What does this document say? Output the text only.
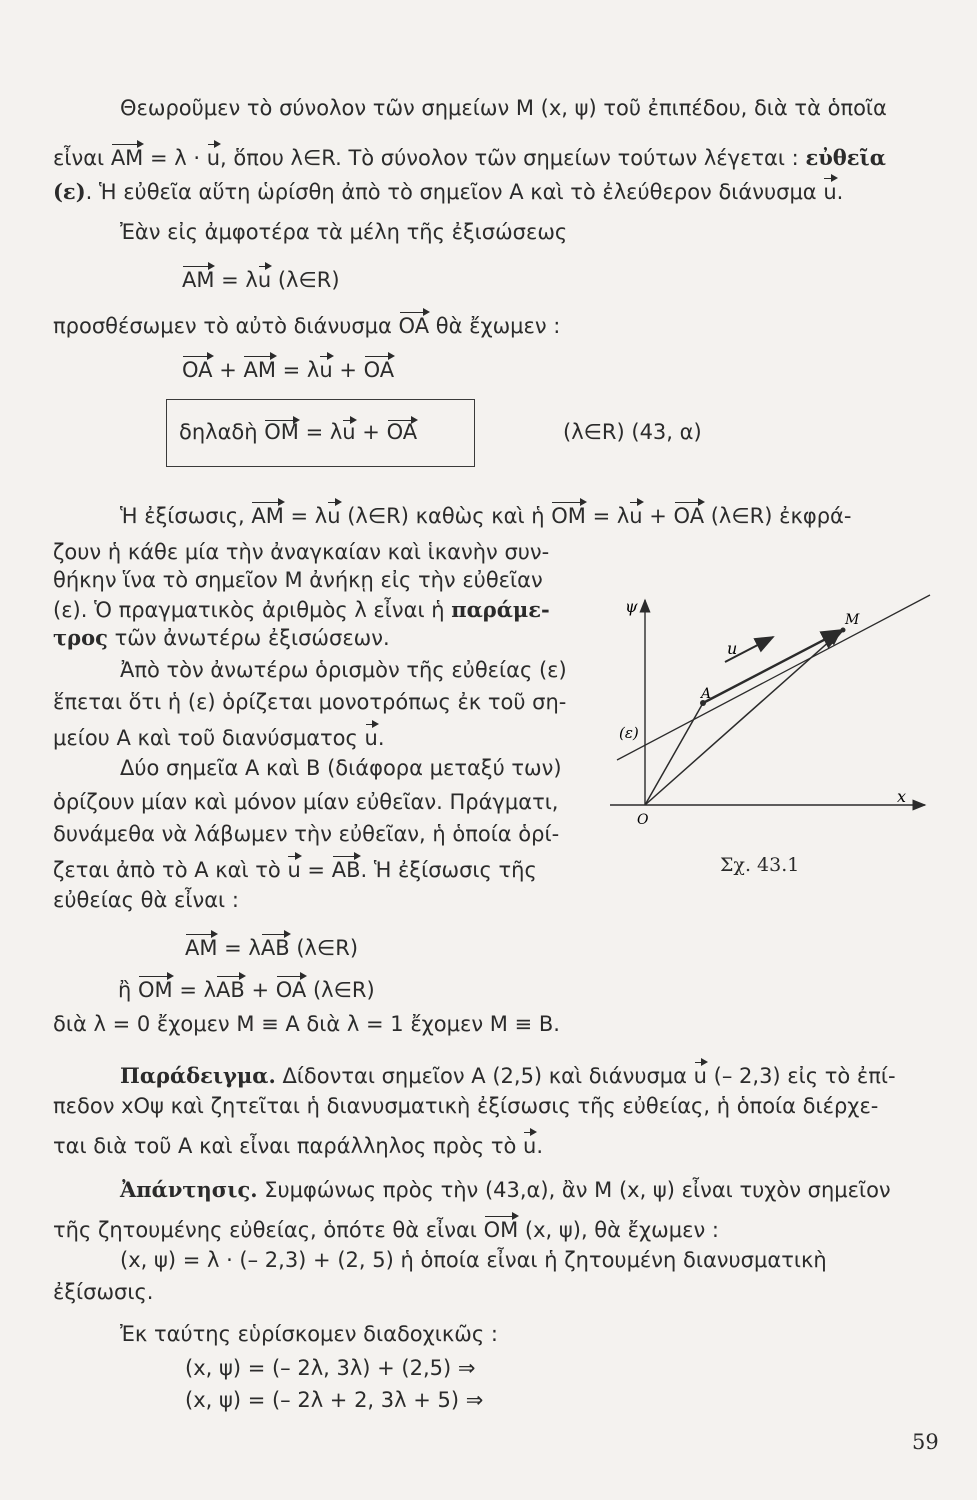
Θεωροῦμεν τὸ σύνολον τῶν σημείων M (x, ψ) τοῦ ἐπιπέδου, διὰ τὰ ὁποῖα
εἶναι AM = λ · u, ὅπου λ∈R. Τὸ σύνολον τῶν σημείων τούτων λέγεται : εὐθεῖα
(ε). Ἡ εὐθεῖα αὕτη ὡρίσθη ἀπὸ τὸ σημεῖον A καὶ τὸ ἐλεύθερον διάνυσμα u.
Ἐὰν εἰς ἀμφοτέρα τὰ μέλη τῆς ἐξισώσεως
AM = λu (λ∈R)
προσθέσωμεν τὸ αὐτὸ διάνυσμα OA θὰ ἔχωμεν :
OA + AM = λu + OA
δηλαδὴ OM = λu + OA	(λ∈R) (43, α)
Ἡ ἐξίσωσις, AM = λu (λ∈R) καθὼς καὶ ἡ OM = λu + OA (λ∈R) ἐκφρά-
ζουν ἡ κάθε μία τὴν ἀναγκαίαν καὶ ἱκανὴν συν-
θήκην ἵνα τὸ σημεῖον M ἀνήκῃ εἰς τὴν εὐθεῖαν
(ε). Ὁ πραγματικὸς ἀριθμὸς λ εἶναι ἡ παράμε-
τρος τῶν ἀνωτέρω ἐξισώσεων.
Ἀπὸ τὸν ἀνωτέρω ὁρισμὸν τῆς εὐθείας (ε)
ἕπεται ὅτι ἡ (ε) ὁρίζεται μονοτρόπως ἐκ τοῦ ση-
μείου A καὶ τοῦ διανύσματος u.
Δύο σημεῖα A καὶ B (διάφορα μεταξύ των)
ὁρίζουν μίαν καὶ μόνον μίαν εὐθεῖαν. Πράγματι,
δυνάμεθα νὰ λάβωμεν τὴν εὐθεῖαν, ἡ ὁποία ὁρί-
ζεται ἀπὸ τὸ A καὶ τὸ u = AB. Ἡ ἐξίσωσις τῆς
εὐθείας θὰ εἶναι :
AM = λAB (λ∈R)
ἢ OM = λAB + OA (λ∈R)
διὰ λ = 0 ἔχομεν M ≡ A διὰ λ = 1 ἔχομεν M ≡ B.
Παράδειγμα. Δίδονται σημεῖον A (2,5) καὶ διάνυσμα u (– 2,3) εἰς τὸ ἐπί-
πεδον xOψ καὶ ζητεῖται ἡ διανυσματικὴ ἐξίσωσις τῆς εὐθείας, ἡ ὁποία διέρχε-
ται διὰ τοῦ A καὶ εἶναι παράλληλος πρὸς τὸ u.
Ἀπάντησις. Συμφώνως πρὸς τὴν (43,α), ἂν M (x, ψ) εἶναι τυχὸν σημεῖον
τῆς ζητουμένης εὐθείας, ὁπότε θὰ εἶναι OM (x, ψ), θὰ ἔχωμεν :
(x, ψ) = λ · (– 2,3) + (2, 5) ἡ ὁποία εἶναι ἡ ζητουμένη διανυσματικὴ
ἐξίσωσις.
Ἐκ ταύτης εὑρίσκομεν διαδοχικῶς :
(x, ψ) = (– 2λ, 3λ) + (2,5) ⇒
(x, ψ) = (– 2λ + 2, 3λ + 5) ⇒
ψ
x
O
A
M
u
(ε)
Σχ. 43.1
59
